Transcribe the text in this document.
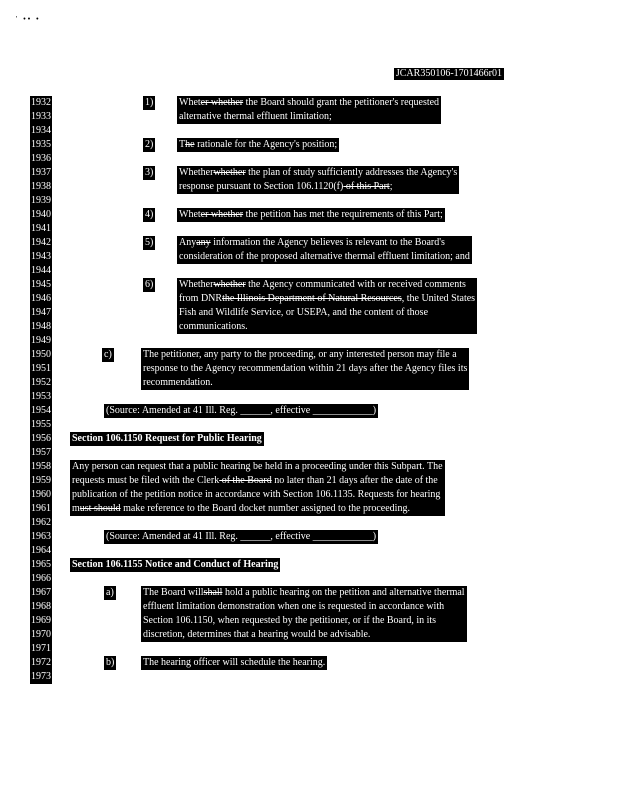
' •• •
JCAR350106-1701466r01
1932
1933
1934
1935
1936
1937
1938
1939
1940
1941
1942
1943
1944
1945
1946
1947
1948
1949
1950
1951
1952
1953
1954
1955
1956
1957
1958
1959
1960
1961
1962
1963
1964
1965
1966
1967
1968
1969
1970
1971
1972
1973
1)	Wheter whether the Board should grant the petitioner's requested
alternative thermal effluent limitation;
2)	The rationale for the Agency's position;
3)	Whetherwhether the plan of study sufficiently addresses the Agency's
response pursuant to Section 106.1120(f) of this Part;
4)	Wheter whether the petition has met the requirements of this Part;
5)	Anyany information the Agency believes is relevant to the Board's
consideration of the proposed alternative thermal effluent limitation; and
6)	Whetherwhether the Agency communicated with or received comments
from DNRthe Illinois Department of Natural Resources, the United States
Fish and Wildlife Service, or USEPA, and the content of those
communications.
c)	The petitioner, any party to the proceeding, or any interested person may file a
response to the Agency recommendation within 21 days after the Agency files its
recommendation.
(Source: Amended at 41 Ill. Reg. ______, effective ____________)
Section 106.1150 Request for Public Hearing
Any person can request that a public hearing be held in a proceeding under this Subpart. The
requests must be filed with the Clerk of the Board no later than 21 days after the date of the
publication of the petition notice in accordance with Section 106.1135. Requests for hearing
must should make reference to the Board docket number assigned to the proceeding.
(Source: Amended at 41 Ill. Reg. ______, effective ____________)
Section 106.1155 Notice and Conduct of Hearing
a)	The Board willshall hold a public hearing on the petition and alternative thermal
effluent limitation demonstration when one is requested in accordance with
Section 106.1150, when requested by the petitioner, or if the Board, in its
discretion, determines that a hearing would be advisable.
b)	The hearing officer will schedule the hearing.
